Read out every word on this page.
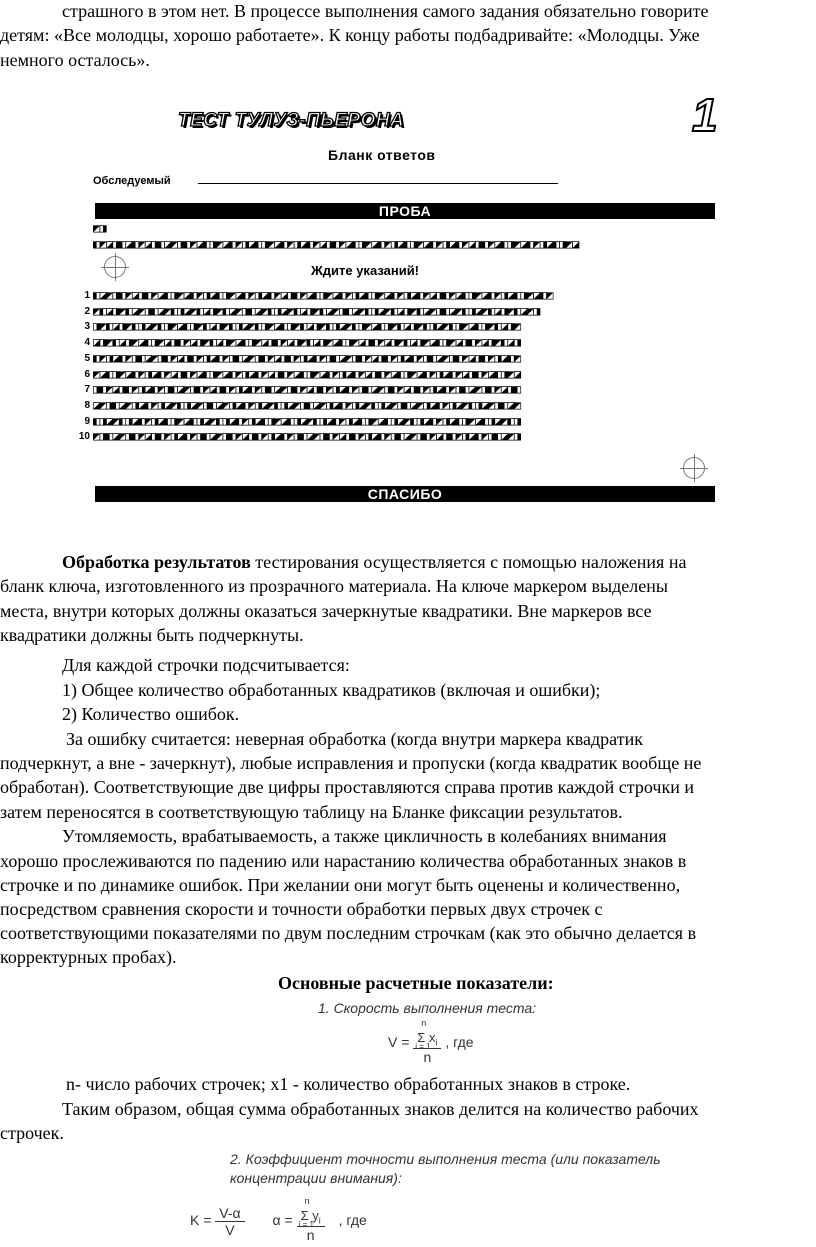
страшного в этом нет. В процессе выполнения самого задания обязательно говорите

детям: «Все молодцы, хорошо работаете». К концу работы подбадривайте: «Молодцы. Уже

немного осталось».

ТЕСТ ТУЛУЗ-ПЬЕРОНА	1
Бланк ответов
Обследуемый
ПРОБА
◩◨
◧◩◪◨◧◪◧◩◪◨◧◪◩◨◧◩◪◧◨◩◪◧◩◨◪◧◨◩◪◧◩◨◪◧◩◪◨◧◩◪◧◨◩◪◧◩◨◪◧◨◩◪◧◩◨◪◧◩◪◨◧◩◪◧◨◩◪◧◩◨◪◧◨◩◪
Ждите указаний!
1 ◧◪◩◨◧◩◪◨◧◩◪◧◨◩◪◧◩◨◪◧◨◩◪◧◩◨◪◧◩◪◨◧◩◪◧◨◩◪◧◩◨◪◧◨◩◪◧◩◨◪◧◩◪◨◧◩◪◧◨◩◪◧◩◨◪◧◨◩◪◧◩
2 ◩◧◪◨◩◧◪◩◨◧◪◩◧◨◪◩◧◪◨◩◧◪◩◨◧◪◩◧◨◪◩◧◪◨◩◧◪◩◨◧◪◩◧◨◪◩◧◪◨◩◧◪◩◨◧◪◩◧◨◪◩◧◪◨◩◧◪◩◨
3 ◨◩◧◪◨◩◧◨◪◩◧◨◩◪◧◨◩◧◪◨◩◧◨◪◩◧◨◩◪◧◨◩◧◪◨◩◧◨◪◩◧◨◩◪◧◨◩◧◪◨◩◧◨◪◩◧◨◩◪◧◨◩◧◪◨◩
4 ◪◨◩◧◪◨◩◪◧◨◩◪◨◧◩◪◨◩◧◪◨◩◪◧◨◩◪◨◧◩◪◨◩◧◪◨◩◪◧◨◩◪◨◧◩◪◨◩◧◪◨◩◪◧◨◩◪◨◧◩◪◨◩◧◪◨
5 ◧◩◨◪◧◩◨◧◪◩◨◧◩◪◨◧◩◨◪◧◩◨◧◪◩◨◧◩◪◨◧◩◨◪◧◩◨◧◪◩◨◧◩◪◨◧◩◨◪◧◩◨◧◪◩◨◧◩◪◨◧◩◨◪◧◩
6 ◩◪◧◨◩◪◧◩◨◪◧◩◪◨◧◩◪◧◨◩◪◧◩◨◪◧◩◪◨◧◩◪◧◨◩◪◧◩◨◪◧◩◪◨◧◩◪◧◨◩◪◧◩◨◪◧◩◪◨◧◩◪◧◨◩◪
7 ◨◧◩◪◨◧◩◨◪◧◩◨◧◪◩◨◧◩◪◨◧◩◨◪◧◩◨◧◪◩◨◧◩◪◨◧◩◨◪◧◩◨◧◪◩◨◧◩◪◨◧◩◨◪◧◩◨◧◪◩◨◧◩◪◨◧
8 ◪◩◨◧◪◩◨◪◧◩◨◪◩◧◨◪◩◨◧◪◩◨◪◧◩◨◪◩◧◨◪◩◨◧◪◩◨◪◧◩◨◪◩◧◨◪◩◨◧◪◩◨◪◧◩◨◪◩◧◨◪◩◨◧◪◩
9 ◧◨◪◩◧◨◪◧◩◨◪◧◨◩◪◧◨◪◩◧◨◪◧◩◨◪◧◨◩◪◧◨◪◩◧◨◪◧◩◨◪◧◨◩◪◧◨◪◩◧◨◪◧◩◨◪◧◨◩◪◧◨◪◩◧◨
10 ◩◨◧◪◩◨◧◩◪◨◧◩◨◪◧◩◨◧◪◩◨◧◩◪◨◧◩◨◪◧◩◨◧◪◩◨◧◩◪◨◧◩◨◪◧◩◨◧◪◩◨◧◩◪◨◧◩◨◪◧◩◨◧◪◩◨
СПАСИБО

Обработка результатов тестирования осуществляется с помощью наложения на

бланк ключа, изготовленного из прозрачного материала. На ключе маркером выделены

места, внутри которых должны оказаться зачеркнутые квадратики. Вне маркеров все

квадратики должны быть подчеркнуты.

Для каждой строчки подсчитывается:

1) Общее количество обработанных квадратиков (включая и ошибки);

2) Количество ошибок.

За ошибку считается: неверная обработка (когда внутри маркера квадратик

подчеркнут, а вне - зачеркнут), любые исправления и пропуски (когда квадратик вообще не

обработан). Соответствующие две цифры проставляются справа против каждой строчки и

затем переносятся в соответствующую таблицу на Бланке фиксации результатов.

Утомляемость, врабатываемость, а также цикличность в колебаниях внимания

хорошо прослеживаются по падению или нарастанию количества обработанных знаков в

строчке и по динамике ошибок. При желании они могут быть оценены и количественно,

посредством сравнения скорости и точности обработки первых двух строчек с

соответствующими показателями по двум последним строчкам (как это обычно делается в

корректурных пробах).

Основные расчетные показатели:

1. Скорость выполнения теста:
V = n
Σ $x_i$
i = 1
n , где

n- число рабочих строчек; x1 - количество обработанных знаков в строке.

Таким образом, общая сумма обработанных знаков делится на количество рабочих

строчек.

2. Коэффициент точности выполнения теста (или показатель
концентрации внимания):
$K = \frac{V-\alpha}{V}$ α = n
Σ $y_i$
i = 1
n , где
